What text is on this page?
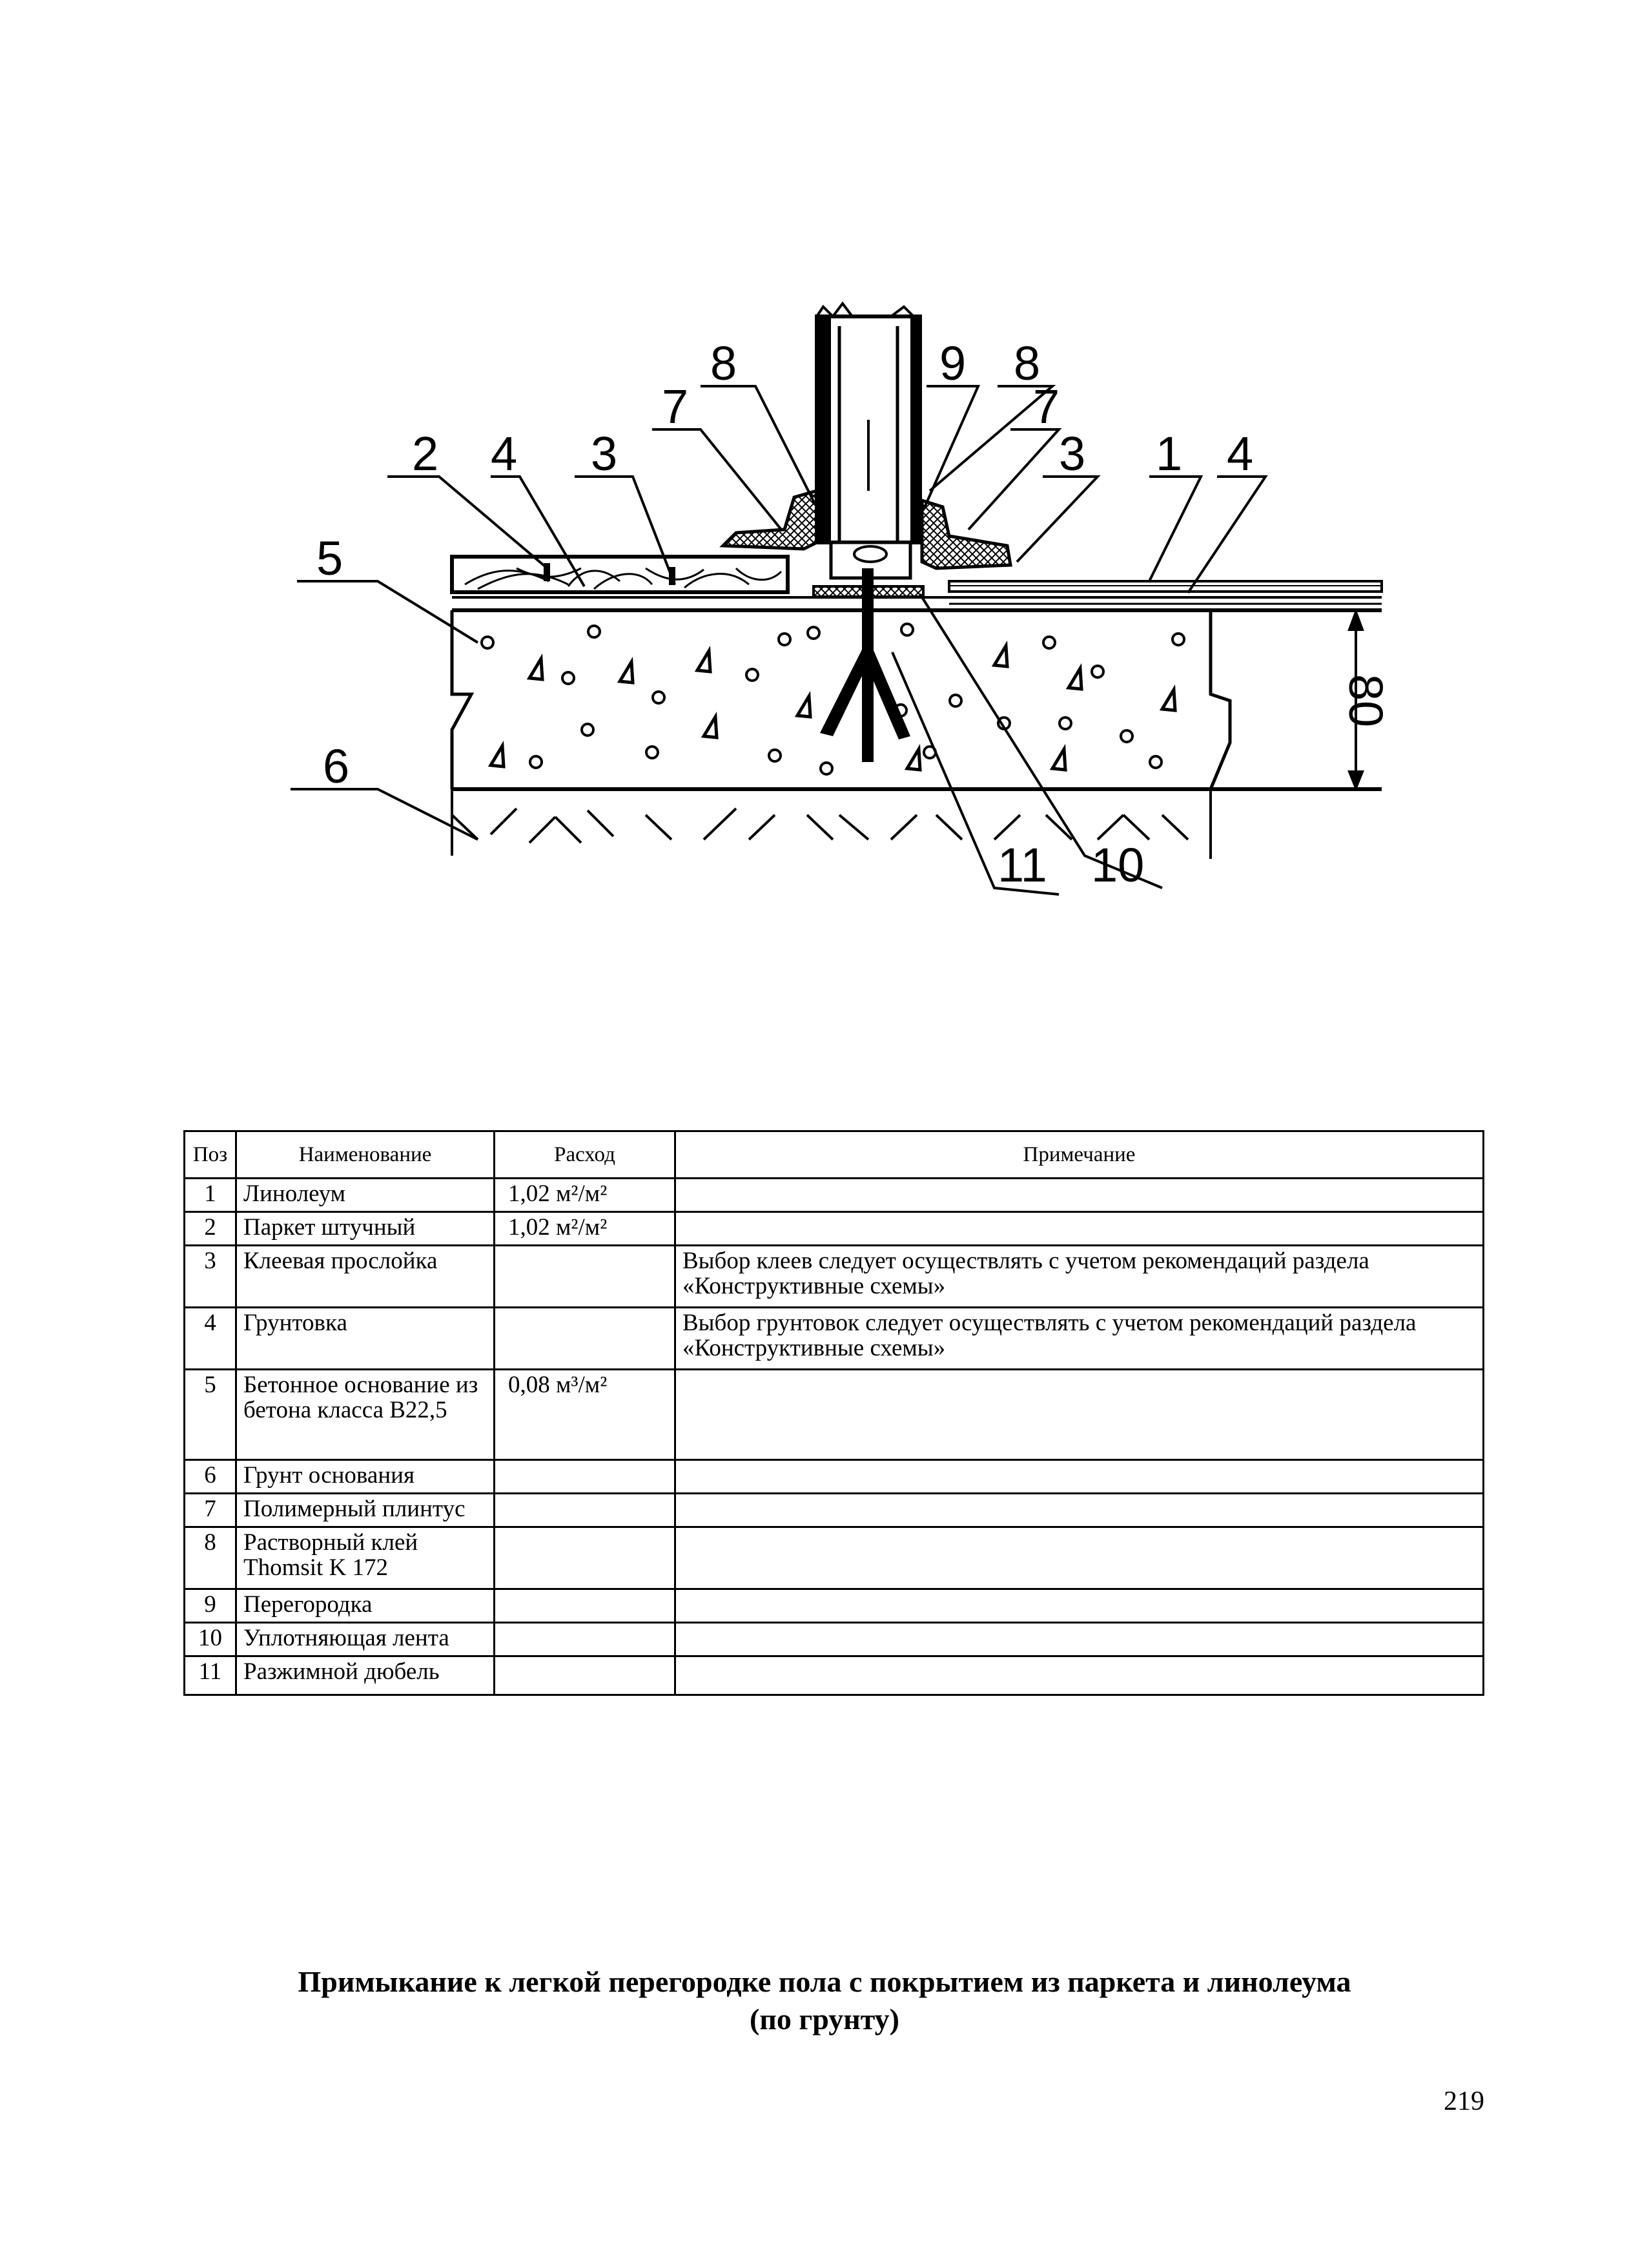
80
5
6
2 4 3
7
8	9 8
7
3 1 4
11 10
Поз	Наименование	Расход	Примечание
1	Линолеум	1,02 м²/м²	
2	Паркет штучный	1,02 м²/м²	
3	Клеевая прослойка		Выбор клеев следует осуществлять с учетом рекомендаций раздела «Конструктивные схемы»
4	Грунтовка		Выбор грунтовок следует осуществлять с учетом рекомендаций раздела «Конструктивные схемы»
5	Бетонное основание из бетона класса В22,5	0,08 м³/м²	
6	Грунт основания		
7	Полимерный плинтус		
8	Растворный клей Thomsit K 172		
9	Перегородка		
10	Уплотняющая лента		
11	Разжимной дюбель		
Примыкание к легкой перегородке пола с покрытием из паркета и линолеума
(по грунту)
219
